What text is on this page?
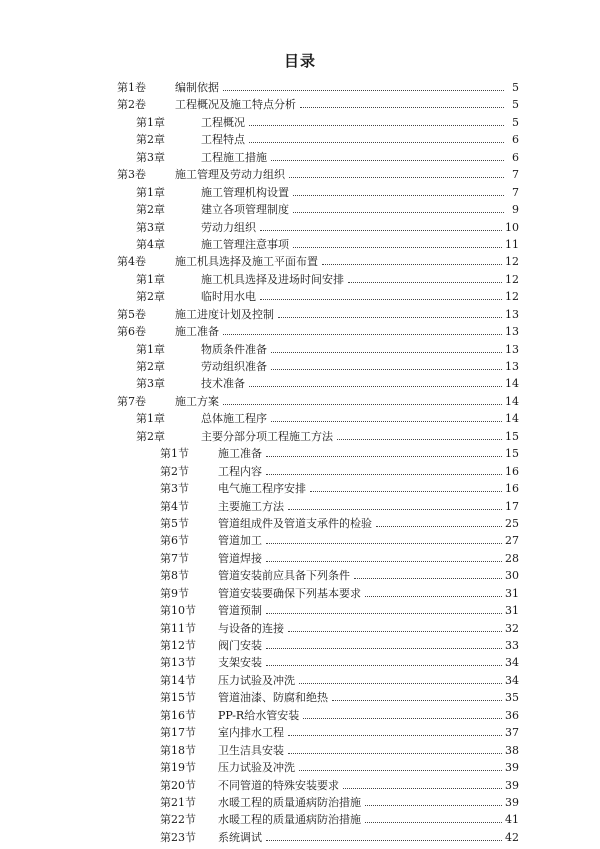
目录
第1卷	编制依据	5
第2卷	工程概况及施工特点分析	5
第1章	工程概况	5
第2章	工程特点	6
第3章	工程施工措施	6
第3卷	施工管理及劳动力组织	7
第1章	施工管理机构设置	7
第2章	建立各项管理制度	9
第3章	劳动力组织	10
第4章	施工管理注意事项	11
第4卷	施工机具选择及施工平面布置	12
第1章	施工机具选择及进场时间安排	12
第2章	临时用水电	12
第5卷	施工进度计划及控制	13
第6卷	施工准备	13
第1章	物质条件准备	13
第2章	劳动组织准备	13
第3章	技术准备	14
第7卷	施工方案	14
第1章	总体施工程序	14
第2章	主要分部分项工程施工方法	15
第1节	施工准备	15
第2节	工程内容	16
第3节	电气施工程序安排	16
第4节	主要施工方法	17
第5节	管道组成件及管道支承件的检验	25
第6节	管道加工	27
第7节	管道焊接	28
第8节	管道安装前应具备下列条件	30
第9节	管道安装要确保下列基本要求	31
第10节 管道预制	31
第11节 与设备的连接	32
第12节 阀门安装	33
第13节 支架安装	34
第14节 压力试验及冲洗	34
第15节 管道油漆、防腐和绝热	35
第16节 PP-R给水管安装	36
第17节 室内排水工程	37
第18节 卫生洁具安装	38
第19节 压力试验及冲洗	39
第20节 不同管道的特殊安装要求	39
第21节 水暖工程的质量通病防治措施	39
第22节 水暖工程的质量通病防治措施	41
第23节 系统调试	42
